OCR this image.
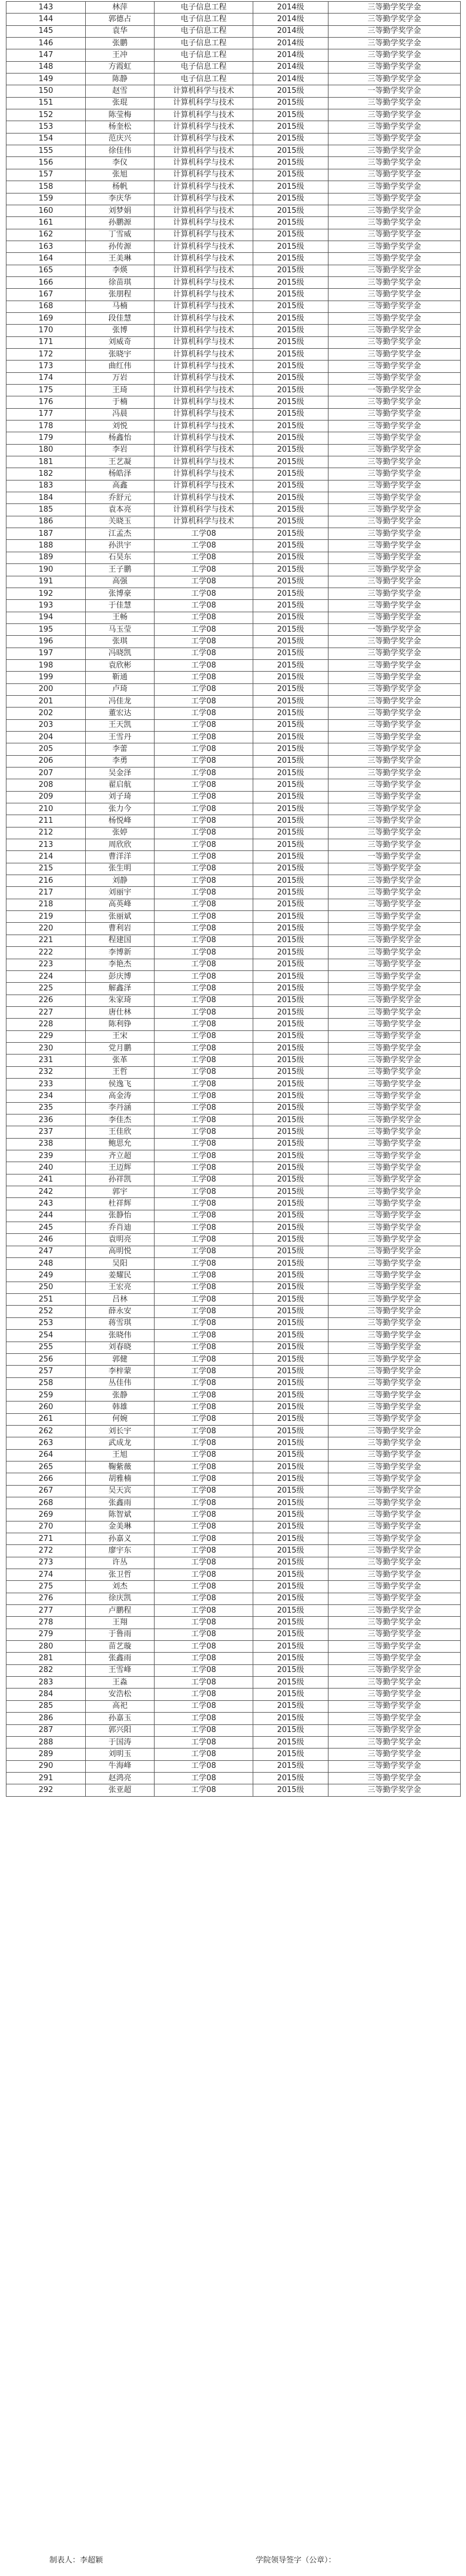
143	林萍	电子信息工程	2014级	三等勤学奖学金
144	郭德占	电子信息工程	2014级	三等勤学奖学金
145	袁华	电子信息工程	2014级	三等勤学奖学金
146	张鹏	电子信息工程	2014级	三等勤学奖学金
147	王冲	电子信息工程	2014级	三等勤学奖学金
148	方霞虹	电子信息工程	2014级	三等勤学奖学金
149	陈静	电子信息工程	2014级	三等勤学奖学金
150	赵雪	计算机科学与技术	2015级	一等勤学奖学金
151	张琨	计算机科学与技术	2015级	三等勤学奖学金
152	陈莹梅	计算机科学与技术	2015级	三等勤学奖学金
153	杨奎松	计算机科学与技术	2015级	三等勤学奖学金
154	范庆兴	计算机科学与技术	2015级	三等勤学奖学金
155	徐佳伟	计算机科学与技术	2015级	三等勤学奖学金
156	李仪	计算机科学与技术	2015级	三等勤学奖学金
157	张旭	计算机科学与技术	2015级	三等勤学奖学金
158	杨帆	计算机科学与技术	2015级	三等勤学奖学金
159	李庆华	计算机科学与技术	2015级	三等勤学奖学金
160	刘梦娟	计算机科学与技术	2015级	三等勤学奖学金
161	孙鹏源	计算机科学与技术	2015级	三等勤学奖学金
162	丁雪威	计算机科学与技术	2015级	三等勤学奖学金
163	孙传源	计算机科学与技术	2015级	三等勤学奖学金
164	王美琳	计算机科学与技术	2015级	三等勤学奖学金
165	李煐	计算机科学与技术	2015级	三等勤学奖学金
166	徐苗琪	计算机科学与技术	2015级	三等勤学奖学金
167	张朋程	计算机科学与技术	2015级	三等勤学奖学金
168	马楠	计算机科学与技术	2015级	三等勤学奖学金
169	段佳慧	计算机科学与技术	2015级	三等勤学奖学金
170	张博	计算机科学与技术	2015级	三等勤学奖学金
171	刘威奇	计算机科学与技术	2015级	三等勤学奖学金
172	张晓宇	计算机科学与技术	2015级	三等勤学奖学金
173	曲红伟	计算机科学与技术	2015级	三等勤学奖学金
174	万岩	计算机科学与技术	2015级	三等勤学奖学金
175	王琦	计算机科学与技术	2015级	一等勤学奖学金
176	于楠	计算机科学与技术	2015级	三等勤学奖学金
177	冯晨	计算机科学与技术	2015级	三等勤学奖学金
178	刘悦	计算机科学与技术	2015级	三等勤学奖学金
179	杨鑫怡	计算机科学与技术	2015级	三等勤学奖学金
180	李岩	计算机科学与技术	2015级	三等勤学奖学金
181	王艺凝	计算机科学与技术	2015级	三等勤学奖学金
182	杨皓泽	计算机科学与技术	2015级	三等勤学奖学金
183	高鑫	计算机科学与技术	2015级	三等勤学奖学金
184	乔舒元	计算机科学与技术	2015级	三等勤学奖学金
185	袁本亮	计算机科学与技术	2015级	三等勤学奖学金
186	关晓玉	计算机科学与技术	2015级	三等勤学奖学金
187	江孟杰	工学08	2015级	三等勤学奖学金
188	孙洪宇	工学08	2015级	三等勤学奖学金
189	石昊东	工学08	2015级	三等勤学奖学金
190	王子鹏	工学08	2015级	三等勤学奖学金
191	高强	工学08	2015级	三等勤学奖学金
192	张博豪	工学08	2015级	三等勤学奖学金
193	于佳慧	工学08	2015级	三等勤学奖学金
194	王畅	工学08	2015级	三等勤学奖学金
195	马玉莹	工学08	2015级	一等勤学奖学金
196	张琪	工学08	2015级	三等勤学奖学金
197	冯晓凯	工学08	2015级	三等勤学奖学金
198	袁欣彬	工学08	2015级	三等勤学奖学金
199	靳通	工学08	2015级	三等勤学奖学金
200	卢琦	工学08	2015级	三等勤学奖学金
201	冯佳龙	工学08	2015级	三等勤学奖学金
202	董宏达	工学08	2015级	三等勤学奖学金
203	王天凯	工学08	2015级	三等勤学奖学金
204	王雪丹	工学08	2015级	三等勤学奖学金
205	李蕾	工学08	2015级	三等勤学奖学金
206	李勇	工学08	2015级	三等勤学奖学金
207	吴金泽	工学08	2015级	三等勤学奖学金
208	翟启航	工学08	2015级	三等勤学奖学金
209	刘子琦	工学08	2015级	三等勤学奖学金
210	张力今	工学08	2015级	三等勤学奖学金
211	杨悦峰	工学08	2015级	三等勤学奖学金
212	张婷	工学08	2015级	三等勤学奖学金
213	周欣欣	工学08	2015级	三等勤学奖学金
214	曹洋洋	工学08	2015级	一等勤学奖学金
215	张生明	工学08	2015级	三等勤学奖学金
216	刘静	工学08	2015级	三等勤学奖学金
217	刘丽宇	工学08	2015级	三等勤学奖学金
218	高英峰	工学08	2015级	三等勤学奖学金
219	张丽斌	工学08	2015级	三等勤学奖学金
220	曹利岩	工学08	2015级	三等勤学奖学金
221	程建国	工学08	2015级	三等勤学奖学金
222	李博新	工学08	2015级	三等勤学奖学金
223	李艳杰	工学08	2015级	三等勤学奖学金
224	彭庆博	工学08	2015级	三等勤学奖学金
225	解鑫泽	工学08	2015级	三等勤学奖学金
226	朱家琦	工学08	2015级	三等勤学奖学金
227	唐仕林	工学08	2015级	三等勤学奖学金
228	陈利铮	工学08	2015级	三等勤学奖学金
229	王宋	工学08	2015级	三等勤学奖学金
230	党月鹏	工学08	2015级	三等勤学奖学金
231	张革	工学08	2015级	三等勤学奖学金
232	王哲	工学08	2015级	三等勤学奖学金
233	侯逸飞	工学08	2015级	三等勤学奖学金
234	高金涛	工学08	2015级	三等勤学奖学金
235	李丹涵	工学08	2015级	三等勤学奖学金
236	李佳杰	工学08	2015级	三等勤学奖学金
237	王佳欣	工学08	2015级	三等勤学奖学金
238	鲍思允	工学08	2015级	三等勤学奖学金
239	齐立超	工学08	2015级	三等勤学奖学金
240	王迈辉	工学08	2015级	三等勤学奖学金
241	孙祥凯	工学08	2015级	三等勤学奖学金
242	郭宇	工学08	2015级	三等勤学奖学金
243	杜祥辉	工学08	2015级	三等勤学奖学金
244	张静怡	工学08	2015级	三等勤学奖学金
245	乔肖迪	工学08	2015级	三等勤学奖学金
246	袁明亮	工学08	2015级	三等勤学奖学金
247	高明悦	工学08	2015级	三等勤学奖学金
248	吴阳	工学08	2015级	三等勤学奖学金
249	姜耀民	工学08	2015级	三等勤学奖学金
250	王宏亮	工学08	2015级	三等勤学奖学金
251	吕林	工学08	2015级	三等勤学奖学金
252	薛永安	工学08	2015级	三等勤学奖学金
253	蒋雪琪	工学08	2015级	三等勤学奖学金
254	张晓伟	工学08	2015级	三等勤学奖学金
255	刘春晓	工学08	2015级	三等勤学奖学金
256	郭健	工学08	2015级	三等勤学奖学金
257	李梓蒙	工学08	2015级	三等勤学奖学金
258	丛佳伟	工学08	2015级	三等勤学奖学金
259	张静	工学08	2015级	三等勤学奖学金
260	韩雄	工学08	2015级	三等勤学奖学金
261	何婉	工学08	2015级	三等勤学奖学金
262	刘长宇	工学08	2015级	三等勤学奖学金
263	武成龙	工学08	2015级	三等勤学奖学金
264	王旭	工学08	2015级	三等勤学奖学金
265	鞠紫薇	工学08	2015级	三等勤学奖学金
266	胡雅楠	工学08	2015级	三等勤学奖学金
267	吴天宾	工学08	2015级	三等勤学奖学金
268	张鑫雨	工学08	2015级	三等勤学奖学金
269	陈智斌	工学08	2015级	三等勤学奖学金
270	金美琳	工学08	2015级	三等勤学奖学金
271	孙嘉义	工学08	2015级	三等勤学奖学金
272	廖宇东	工学08	2015级	三等勤学奖学金
273	许丛	工学08	2015级	三等勤学奖学金
274	张卫哲	工学08	2015级	三等勤学奖学金
275	刘杰	工学08	2015级	三等勤学奖学金
276	徐庆凯	工学08	2015级	三等勤学奖学金
277	卢鹏程	工学08	2015级	三等勤学奖学金
278	王翔	工学08	2015级	三等勤学奖学金
279	于鲁雨	工学08	2015级	三等勤学奖学金
280	苗艺璇	工学08	2015级	三等勤学奖学金
281	张鑫雨	工学08	2015级	三等勤学奖学金
282	王雪峰	工学08	2015级	三等勤学奖学金
283	王淼	工学08	2015级	三等勤学奖学金
284	安浩松	工学08	2015级	三等勤学奖学金
285	高祀	工学08	2015级	三等勤学奖学金
286	孙嘉玉	工学08	2015级	三等勤学奖学金
287	郭兴阳	工学08	2015级	三等勤学奖学金
288	于国涛	工学08	2015级	三等勤学奖学金
289	刘明玉	工学08	2015级	三等勤学奖学金
290	牛海峰	工学08	2015级	三等勤学奖学金
291	赵鸿亮	工学08	2015级	三等勤学奖学金
292	张亚超	工学08	2015级	三等勤学奖学金
制表人：李超颖	学院领导签字（公章）：
